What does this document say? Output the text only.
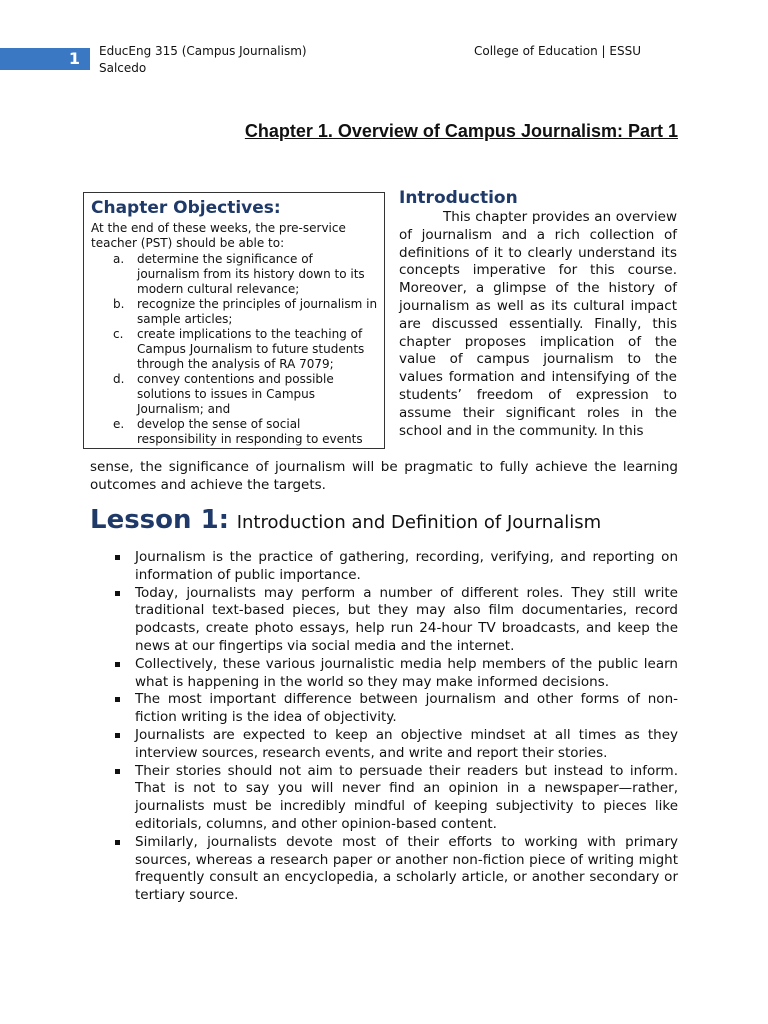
1	EducEng 315 (Campus Journalism)
Salcedo
College of Education | ESSU
Chapter 1. Overview of Campus Journalism: Part 1
Chapter Objectives:

At the end of these weeks, the pre-service teacher (PST) should be able to:

a. determine the significance of journalism from its history down to its modern cultural relevance;
b. recognize the principles of journalism in sample articles;
c. create implications to the teaching of Campus Journalism to future students through the analysis of RA 7079;
d. convey contentions and possible solutions to issues in Campus Journalism; and
e. develop the sense of social responsibility in responding to events
Introduction

This chapter provides an overview of journalism and a rich collection of definitions of it to clearly understand its concepts imperative for this course. Moreover, a glimpse of the history of journalism as well as its cultural impact are discussed essentially. Finally, this chapter proposes implication of the value of campus journalism to the values formation and intensifying of the students’ freedom of expression to assume their significant roles in the school and in the community. In this

sense, the significance of journalism will be pragmatic to fully achieve the learning outcomes and achieve the targets.

Lesson 1: Introduction and Definition of Journalism
Journalism is the practice of gathering, recording, verifying, and reporting on information of public importance.
Today, journalists may perform a number of different roles. They still write traditional text-based pieces, but they may also film documentaries, record podcasts, create photo essays, help run 24-hour TV broadcasts, and keep the news at our fingertips via social media and the internet.
Collectively, these various journalistic media help members of the public learn what is happening in the world so they may make informed decisions.
The most important difference between journalism and other forms of non-fiction writing is the idea of objectivity.
Journalists are expected to keep an objective mindset at all times as they interview sources, research events, and write and report their stories.
Their stories should not aim to persuade their readers but instead to inform. That is not to say you will never find an opinion in a newspaper—rather, journalists must be incredibly mindful of keeping subjectivity to pieces like editorials, columns, and other opinion-based content.
Similarly, journalists devote most of their efforts to working with primary sources, whereas a research paper or another non-fiction piece of writing might frequently consult an encyclopedia, a scholarly article, or another secondary or tertiary source.
